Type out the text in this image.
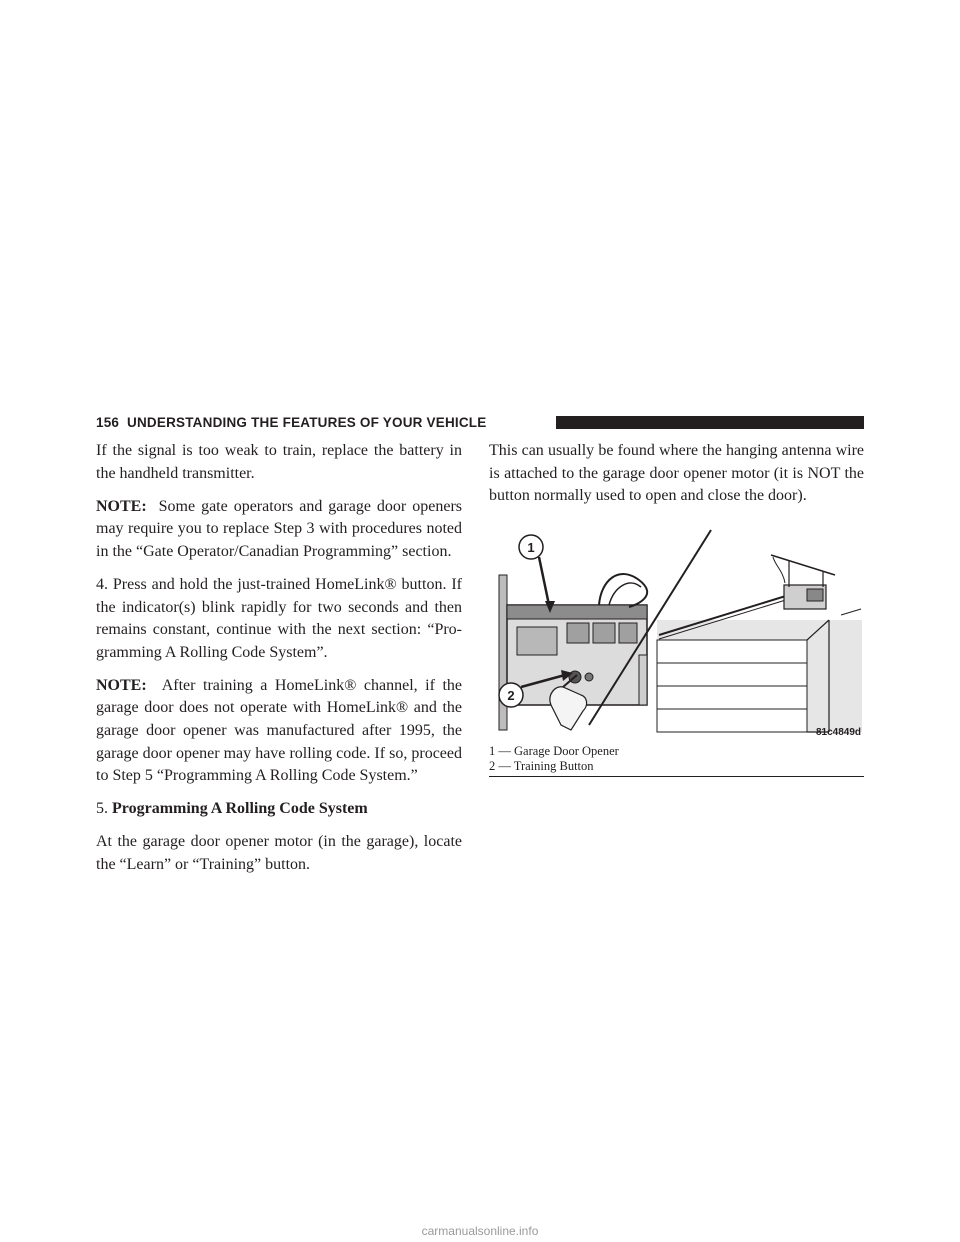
156 UNDERSTANDING THE FEATURES OF YOUR VEHICLE

If the signal is too weak to train, replace the battery in the handheld transmitter.

NOTE: Some gate operators and garage door openers may require you to replace Step 3 with procedures noted in the “Gate Operator/Canadian Programming” section.

4. Press and hold the just-trained HomeLink® button. If the indicator(s) blink rapidly for two seconds and then remains constant, continue with the next section: “Pro- gramming A Rolling Code System”.

NOTE: After training a HomeLink® channel, if the garage door does not operate with HomeLink® and the garage door opener was manufactured after 1995, the garage door opener may have rolling code. If so, proceed to Step 5 “Programming A Rolling Code System.”

5. Programming A Rolling Code System

At the garage door opener motor (in the garage), locate the “Learn” or “Training” button.

This can usually be found where the hanging antenna wire is attached to the garage door opener motor (it is NOT the button normally used to open and close the door).

1
2
81c4849d
1 — Garage Door Opener
2 — Training Button
carmanualsonline.info
